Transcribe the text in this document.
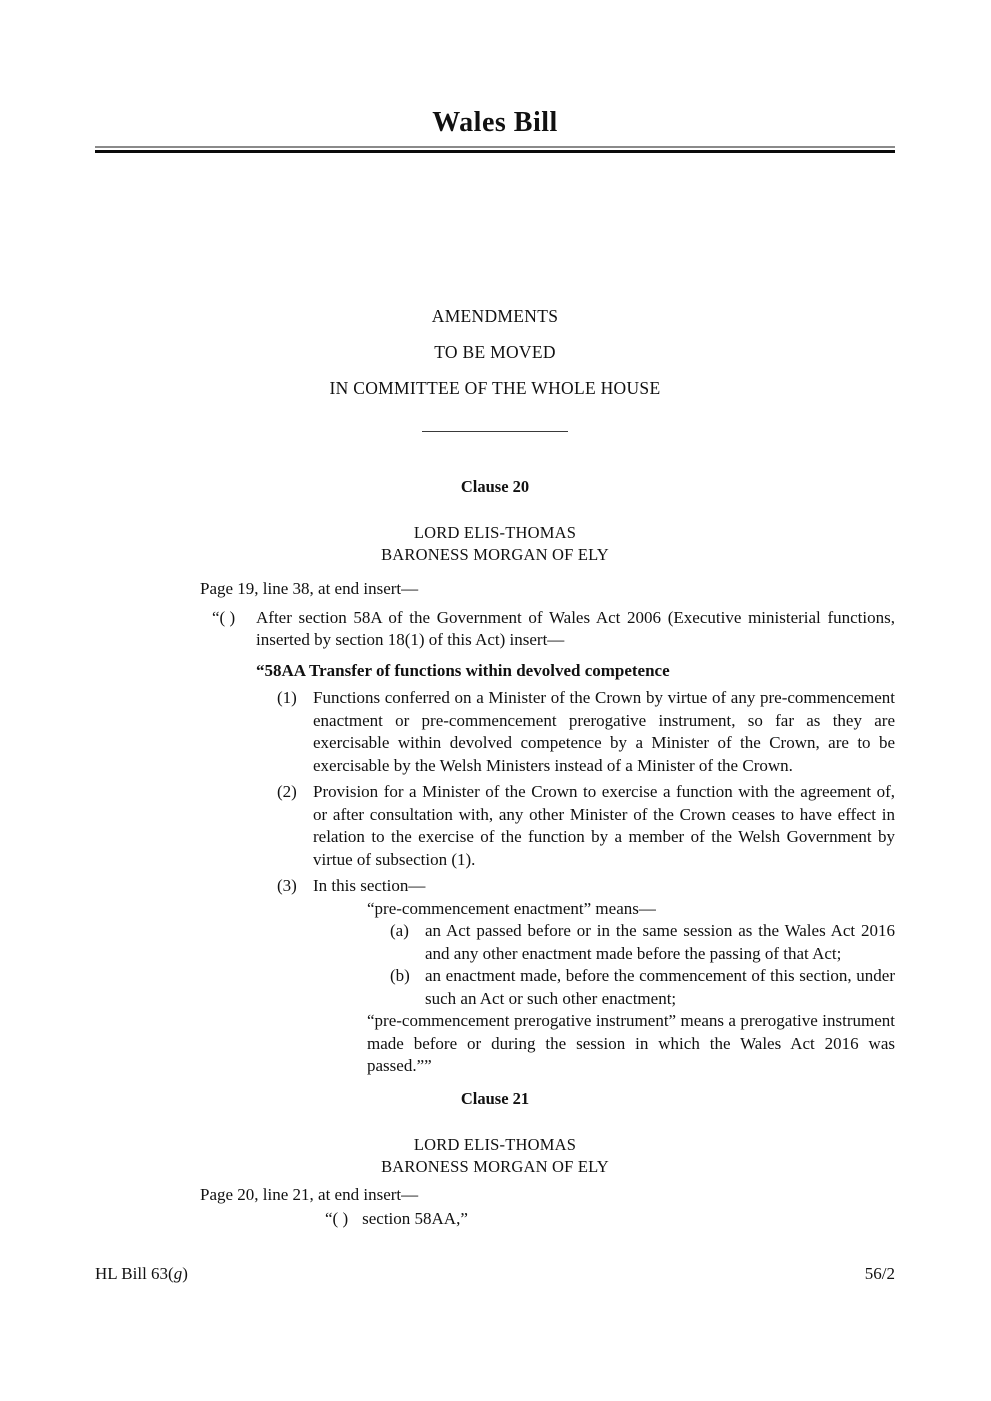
Wales Bill
AMENDMENTS
TO BE MOVED
IN COMMITTEE OF THE WHOLE HOUSE
Clause 20
LORD ELIS-THOMAS
BARONESS MORGAN OF ELY
Page 19, line 38, at end insert—
“( )	After section 58A of the Government of Wales Act 2006 (Executive ministerial functions, inserted by section 18(1) of this Act) insert—
“58AA Transfer of functions within devolved competence
(1) Functions conferred on a Minister of the Crown by virtue of any pre-commencement enactment or pre-commencement prerogative instrument, so far as they are exercisable within devolved competence by a Minister of the Crown, are to be exercisable by the Welsh Ministers instead of a Minister of the Crown.
(2) Provision for a Minister of the Crown to exercise a function with the agreement of, or after consultation with, any other Minister of the Crown ceases to have effect in relation to the exercise of the function by a member of the Welsh Government by virtue of subsection (1).
(3) In this section—
“pre-commencement enactment” means—
(a) an Act passed before or in the same session as the Wales Act 2016 and any other enactment made before the passing of that Act;
(b) an enactment made, before the commencement of this section, under such an Act or such other enactment;
“pre-commencement prerogative instrument” means a prerogative instrument made before or during the session in which the Wales Act 2016 was passed.””
Clause 21
LORD ELIS-THOMAS
BARONESS MORGAN OF ELY
Page 20, line 21, at end insert—
“( ) section 58AA,”
HL Bill 63(g)	56/2
